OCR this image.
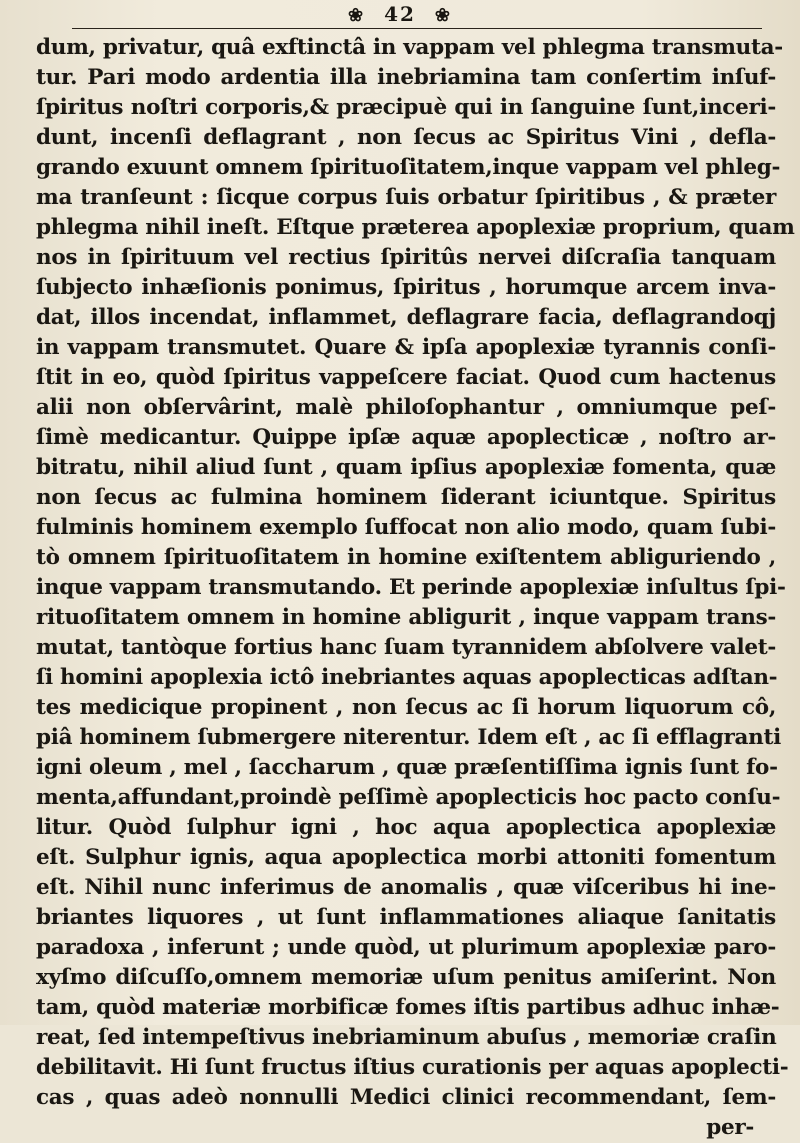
❀ 42 ❀
dum, privatur, quâ exftinctâ in vappam vel phlegma transmuta-
tur. Pari modo ardentia illa inebriamina tam conſertim inſuf-
ſpiritus noſtri corporis,& præcipuè qui in ſanguine ſunt,inceri-
dunt, incenſi deflagrant , non ſecus ac Spiritus Vini , defla-
grando exuunt omnem ſpirituoſitatem,inque vappam vel phleg-
ma tranſeunt : ſicque corpus ſuis orbatur ſpiritibus , & præter
phlegma nihil ineſt. Eſtque præterea apoplexiæ proprium, quam
nos in ſpirituum vel rectius ſpiritûs nervei diſcraſia tanquam
ſubjecto inhæſionis ponimus, ſpiritus , horumque arcem inva-
dat, illos incendat, inflammet, deflagrare facia, deflagrandoqj
in vappam transmutet. Quare & ipſa apoplexiæ tyrannis conſi-
ſtit in eo, quòd ſpiritus vappeſcere faciat. Quod cum hactenus
alii non obſervârint, malè philoſophantur , omniumque peſ-
ſimè medicantur. Quippe ipſæ aquæ apoplecticæ , noſtro ar-
bitratu, nihil aliud ſunt , quam ipſius apoplexiæ fomenta, quæ
non ſecus ac fulmina hominem ſiderant iciuntque. Spiritus
fulminis hominem exemplo ſuffocat non alio modo, quam ſubi-
tò omnem ſpirituoſitatem in homine exiſtentem abliguriendo ,
inque vappam transmutando. Et perinde apoplexiæ inſultus ſpi-
rituoſitatem omnem in homine abligurit , inque vappam trans-
mutat, tantòque fortius hanc ſuam tyrannidem abſolvere valet-
ſi homini apoplexia ictô inebriantes aquas apoplecticas adſtan-
tes medicique propinent , non ſecus ac ſi horum liquorum cô,
piâ hominem ſubmergere niterentur. Idem eſt , ac ſi efflagranti
igni oleum , mel , ſaccharum , quæ præſentiſſima ignis ſunt fo-
menta,affundant,proindè peſſimè apoplecticis hoc pacto conſu-
litur. Quòd ſulphur igni , hoc aqua apoplectica apoplexiæ
eſt. Sulphur ignis, aqua apoplectica morbi attoniti fomentum
eſt. Nihil nunc inferimus de anomalis , quæ viſceribus hi ine-
briantes liquores , ut ſunt inflammationes aliaque ſanitatis
paradoxa , inferunt ; unde quòd, ut plurimum apoplexiæ paro-
xyſmo diſcuſſo,omnem memoriæ uſum penitus amiſerint. Non
tam, quòd materiæ morbificæ fomes iſtis partibus adhuc inhæ-
reat, ſed intempeſtivus inebriaminum abuſus , memoriæ craſin
debilitavit. Hi ſunt fructus iſtius curationis per aquas apoplecti-
cas , quas adeò nonnulli Medici clinici recommendant, ſem-
per-
